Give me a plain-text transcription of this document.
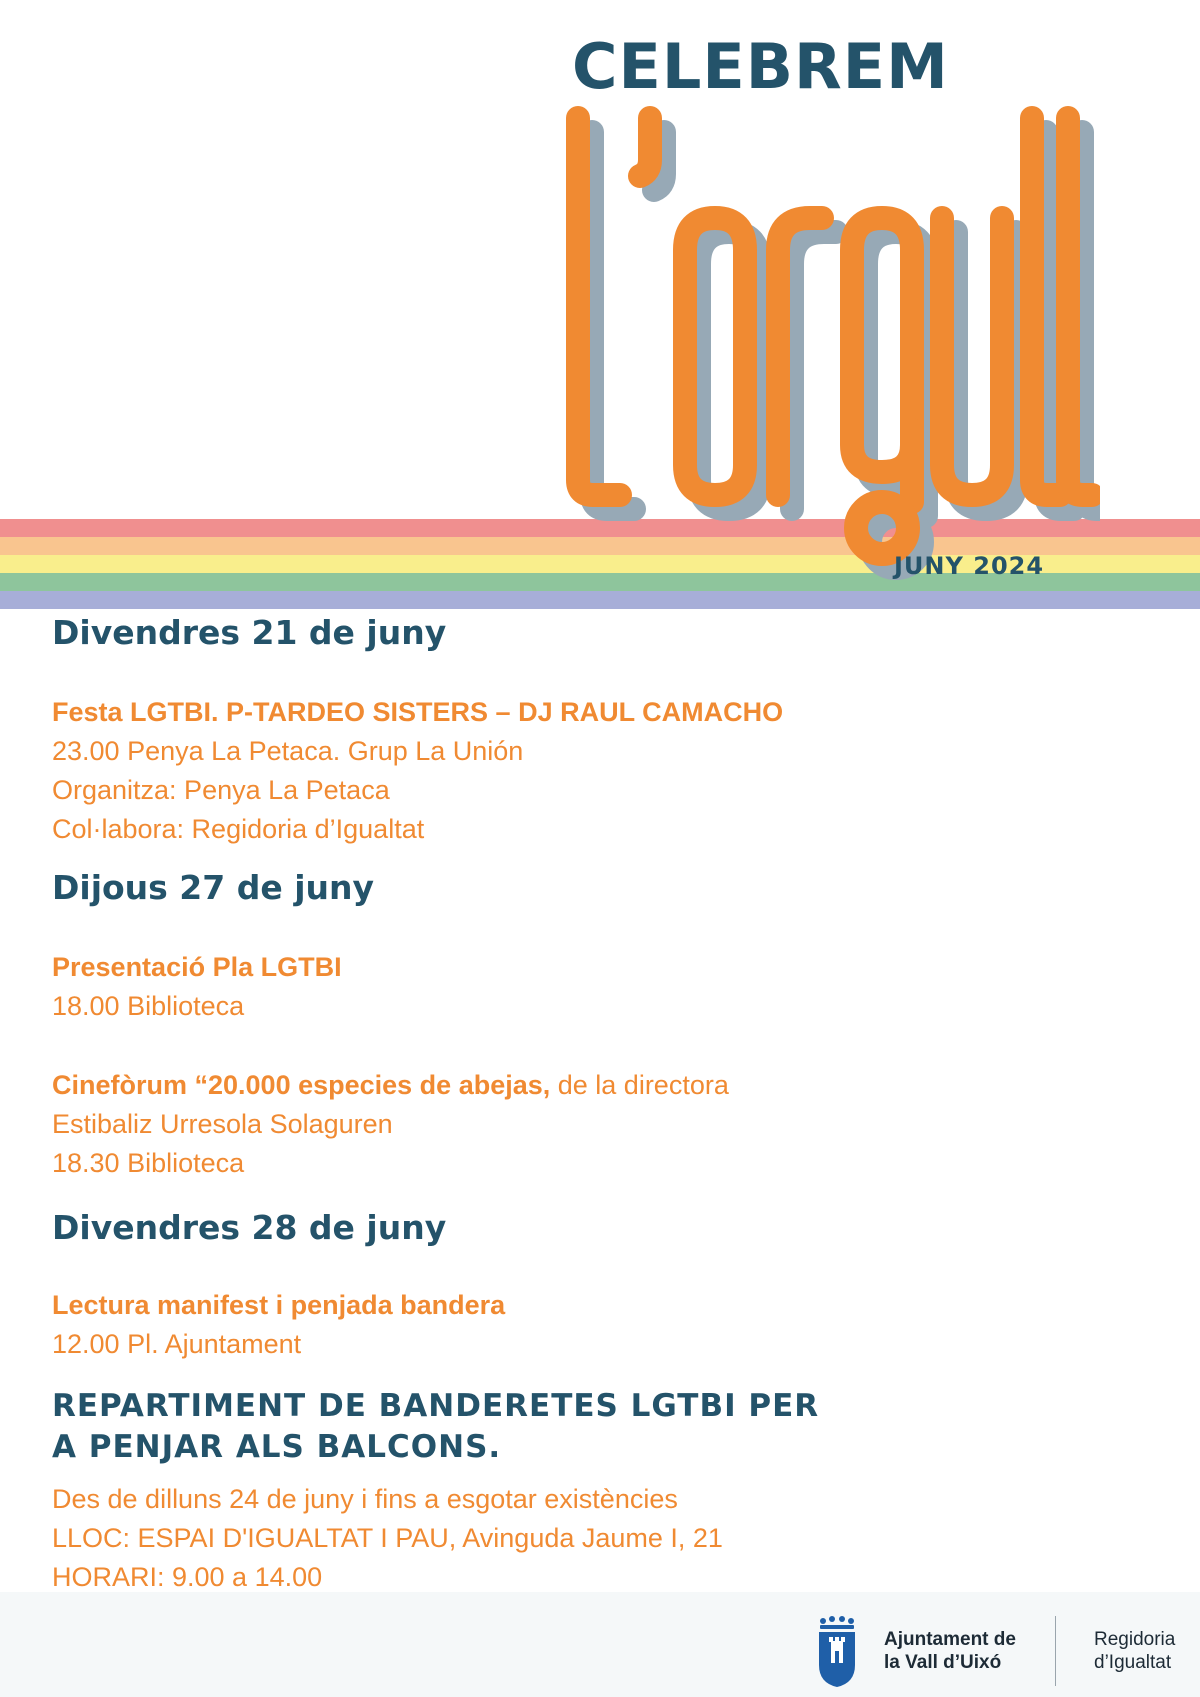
CELEBREM
l'orgull
JUNY 2024
Divendres 21 de juny
Festa LGTBI. P-TARDEO SISTERS – DJ RAUL CAMACHO
23.00 Penya La Petaca. Grup La Unión
Organitza: Penya La Petaca
Col·labora: Regidoria d’Igualtat
Dijous 27 de juny
Presentació Pla LGTBI
18.00 Biblioteca
Cinefòrum “20.000 especies de abejas, de la directora
Estibaliz Urresola Solaguren
18.30 Biblioteca
Divendres 28 de juny
Lectura manifest i penjada bandera
12.00 Pl. Ajuntament
REPARTIMENT DE BANDERETES LGTBI PER
A PENJAR ALS BALCONS.
Des de dilluns 24 de juny i fins a esgotar existències
LLOC: ESPAI D'IGUALTAT I PAU, Avinguda Jaume I, 21
HORARI: 9.00 a 14.00
Ajuntament de
la Vall d’Uixó
Regidoria
d’Igualtat
